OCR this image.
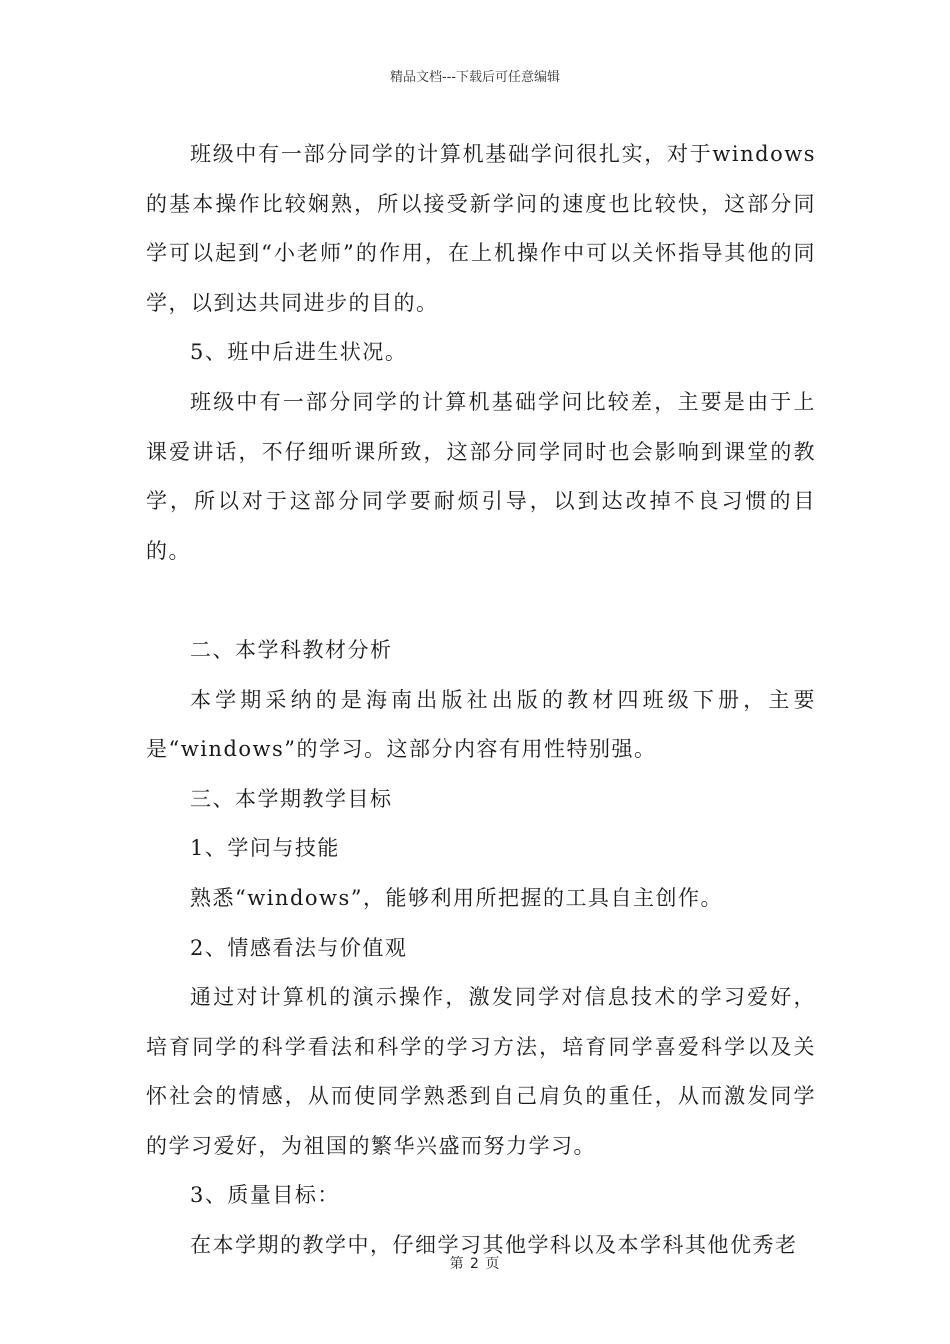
精品文档---下载后可任意编辑

班级中有一部分同学的计算机基础学问很扎实，对于windows的基本操作比较娴熟，所以接受新学问的速度也比较快，这部分同学可以起到“小老师”的作用，在上机操作中可以关怀指导其他的同学，以到达共同进步的目的。

5、班中后进生状况。

班级中有一部分同学的计算机基础学问比较差，主要是由于上课爱讲话，不仔细听课所致，这部分同学同时也会影响到课堂的教学，所以对于这部分同学要耐烦引导，以到达改掉不良习惯的目的。

二、本学科教材分析

本学期采纳的是海南出版社出版的教材四班级下册，主要是“windows”的学习。这部分内容有用性特别强。

三、本学期教学目标

1、学问与技能

熟悉“windows”，能够利用所把握的工具自主创作。

2、情感看法与价值观

通过对计算机的演示操作，激发同学对信息技术的学习爱好，培育同学的科学看法和科学的学习方法，培育同学喜爱科学以及关怀社会的情感，从而使同学熟悉到自己肩负的重任，从而激发同学的学习爱好，为祖国的繁华兴盛而努力学习。

3、质量目标：

在本学期的教学中，仔细学习其他学科以及本学科其他优秀老

第 2 页
